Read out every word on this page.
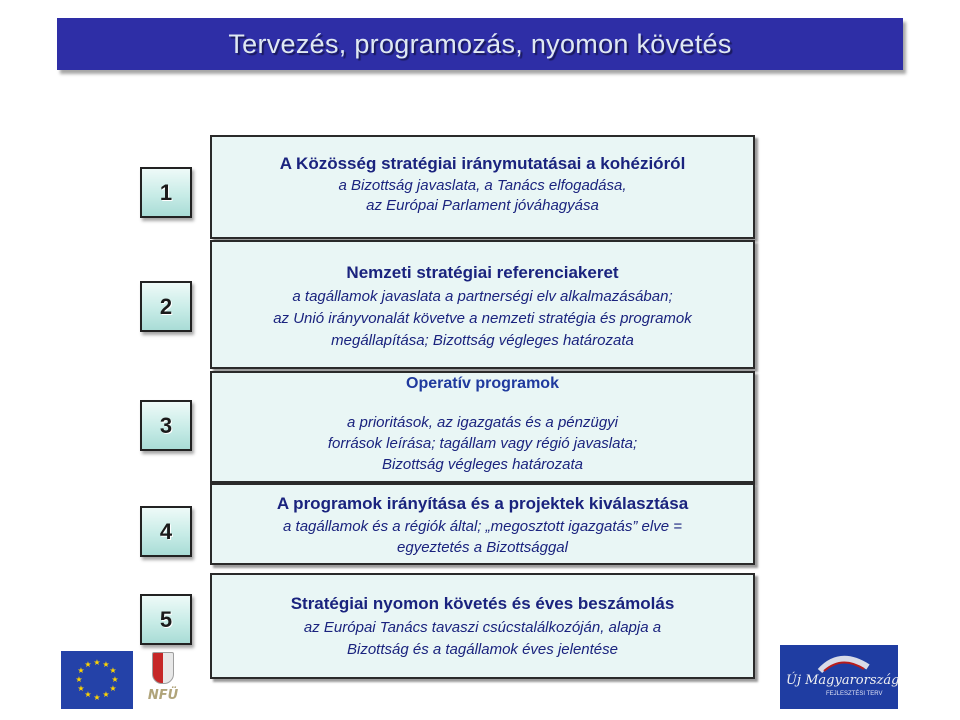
Tervezés, programozás, nyomon követés
1
2
3
4
5
A Közösség stratégiai iránymutatásai a kohézióról
a Bizottság javaslata, a Tanács elfogadása,
az Európai Parlament jóváhagyása
Nemzeti stratégiai referenciakeret
a tagállamok javaslata a partnerségi elv alkalmazásában;
az Unió irányvonalát követve a nemzeti stratégia és programok
megállapítása; Bizottság végleges határozata
Operatív programok
a prioritások, az igazgatás és a pénzügyi
források leírása; tagállam vagy régió javaslata;
Bizottság végleges határozata
A programok irányítása és a projektek kiválasztása
a tagállamok és a régiók által; „megosztott igazgatás” elve =
egyeztetés a Bizottsággal
Stratégiai nyomon követés és éves beszámolás
az Európai Tanács tavaszi csúcstalálkozóján, alapja a
Bizottság és a tagállamok éves jelentése
★ ★
★
★
★
★
★
★
★
★
★
★
NFÜ
Új Magyarország
FEJLESZTÉSI TERV
